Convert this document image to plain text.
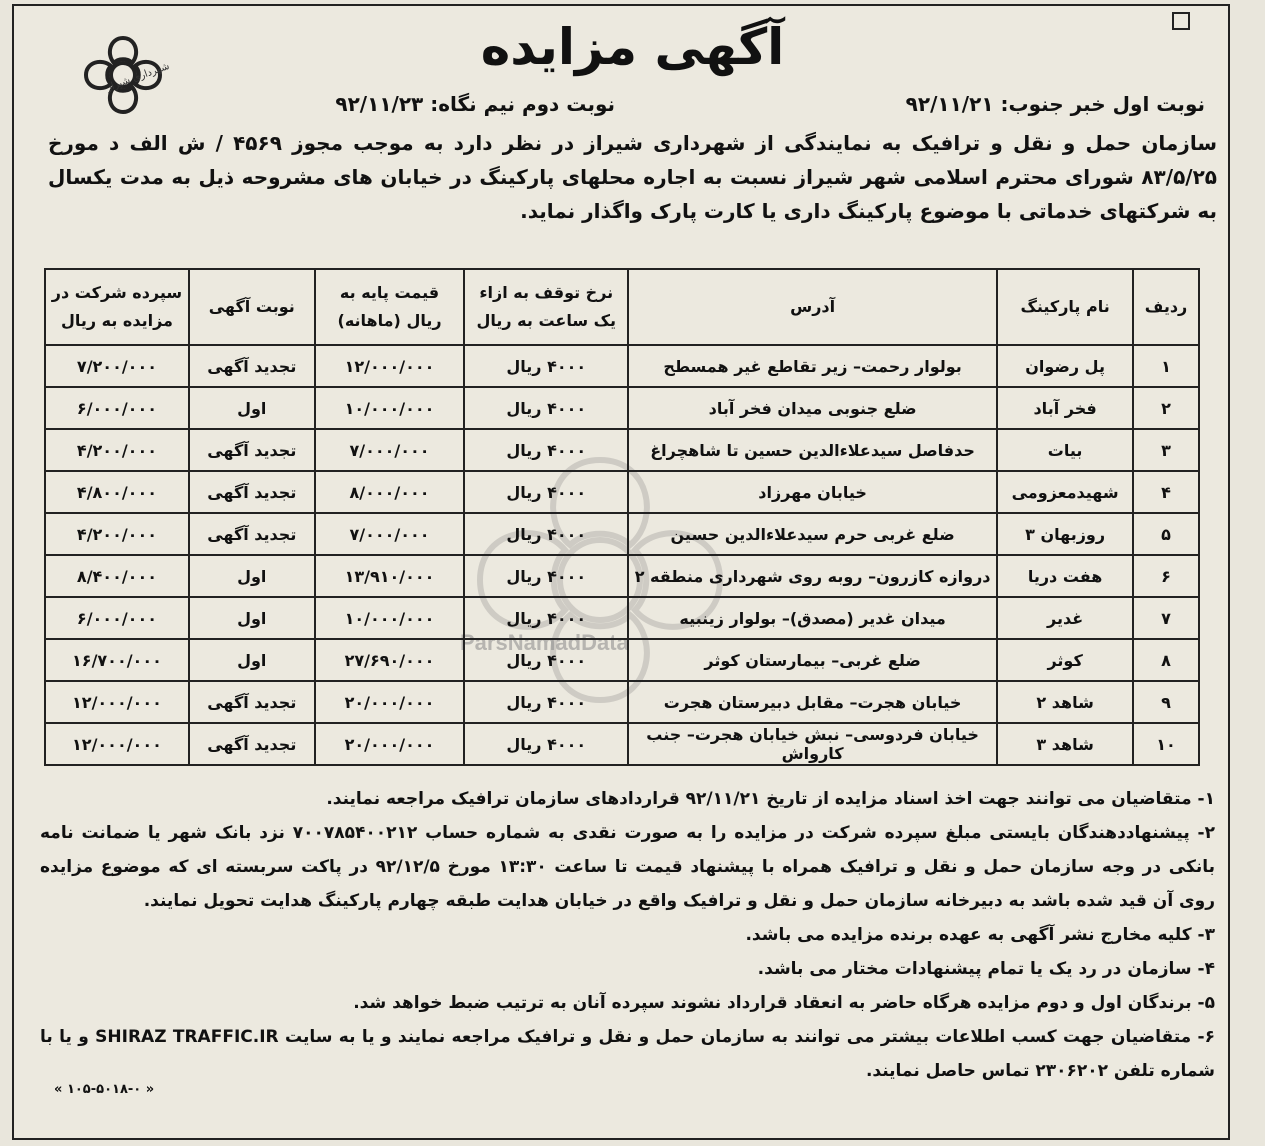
شهرداری شیراز
آگهی مزایده
نوبت اول خبر جنوب: ۹۲/۱۱/۲۱
نوبت دوم نیم نگاه: ۹۲/۱۱/۲۳
سازمان حمل و نقل و ترافیک به نمایندگی از شهرداری شیراز در نظر دارد به موجب مجوز ۴۵۶۹ / ش الف د مورخ ۸۳/۵/۲۵ شورای محترم اسلامی شهر شیراز نسبت به اجاره محلهای پارکینگ در خیابان های مشروحه ذیل به مدت یکسال به شرکتهای خدماتی با موضوع پارکینگ داری یا کارت پارک واگذار نماید.
ParsNamadData
ردیف	نام پارکینگ	آدرس	نرخ توقف به ازاء یک ساعت به ریال	قیمت پایه به ریال (ماهانه)	نوبت آگهی	سپرده شرکت در مزایده به ریال
۱	پل رضوان	بولوار رحمت– زیر تقاطع غیر همسطح	۴۰۰۰ ریال	۱۲/۰۰۰/۰۰۰	تجدید آگهی	۷/۲۰۰/۰۰۰
۲	فخر آباد	ضلع جنوبی میدان فخر آباد	۴۰۰۰ ریال	۱۰/۰۰۰/۰۰۰	اول	۶/۰۰۰/۰۰۰
۳	بیات	حدفاصل سیدعلاءالدین حسین تا شاهچراغ	۴۰۰۰ ریال	۷/۰۰۰/۰۰۰	تجدید آگهی	۴/۲۰۰/۰۰۰
۴	شهیدمعزومی	خیابان مهرزاد	۴۰۰۰ ریال	۸/۰۰۰/۰۰۰	تجدید آگهی	۴/۸۰۰/۰۰۰
۵	روزبهان ۳	ضلع غربی حرم سیدعلاءالدین حسین	۴۰۰۰ ریال	۷/۰۰۰/۰۰۰	تجدید آگهی	۴/۲۰۰/۰۰۰
۶	هفت دریا	دروازه کازرون– روبه روی شهرداری منطقه ۲	۴۰۰۰ ریال	۱۳/۹۱۰/۰۰۰	اول	۸/۴۰۰/۰۰۰
۷	غدیر	میدان غدیر (مصدق)– بولوار زینبیه	۴۰۰۰ ریال	۱۰/۰۰۰/۰۰۰	اول	۶/۰۰۰/۰۰۰
۸	کوثر	ضلع غربی– بیمارستان کوثر	۴۰۰۰ ریال	۲۷/۶۹۰/۰۰۰	اول	۱۶/۷۰۰/۰۰۰
۹	شاهد ۲	خیابان هجرت– مقابل دبیرستان هجرت	۴۰۰۰ ریال	۲۰/۰۰۰/۰۰۰	تجدید آگهی	۱۲/۰۰۰/۰۰۰
۱۰	شاهد ۳	خیابان فردوسی– نبش خیابان هجرت– جنب کارواش	۴۰۰۰ ریال	۲۰/۰۰۰/۰۰۰	تجدید آگهی	۱۲/۰۰۰/۰۰۰

۱- متقاضیان می توانند جهت اخذ اسناد مزایده از تاریخ ۹۲/۱۱/۲۱ قراردادهای سازمان ترافیک مراجعه نمایند.

۲- پیشنهاددهندگان بایستی مبلغ سپرده شرکت در مزایده را به صورت نقدی به شماره حساب ۷۰۰۷۸۵۴۰۰۲۱۲ نزد بانک شهر یا ضمانت نامه بانکی در وجه سازمان حمل و نقل و ترافیک همراه با پیشنهاد قیمت تا ساعت ۱۳:۳۰ مورخ ۹۲/۱۲/۵ در پاکت سربسته ای که موضوع مزایده روی آن قید شده باشد به دبیرخانه سازمان حمل و نقل و ترافیک واقع در خیابان هدایت طبقه چهارم پارکینگ هدایت تحویل نمایند.

۳- کلیه مخارج نشر آگهی به عهده برنده مزایده می باشد.

۴- سازمان در رد یک یا تمام پیشنهادات مختار می باشد.

۵- برندگان اول و دوم مزایده هرگاه حاضر به انعقاد قرارداد نشوند سپرده آنان به ترتیب ضبط خواهد شد.

۶- متقاضیان جهت کسب اطلاعات بیشتر می توانند به سازمان حمل و نقل و ترافیک مراجعه نمایند و یا به سایت SHIRAZ TRAFFIC.IR و یا با شماره تلفن ۲۳۰۶۲۰۲ تماس حاصل نمایند.

« ۱۰۵-۵۰۱۸-۰ »
